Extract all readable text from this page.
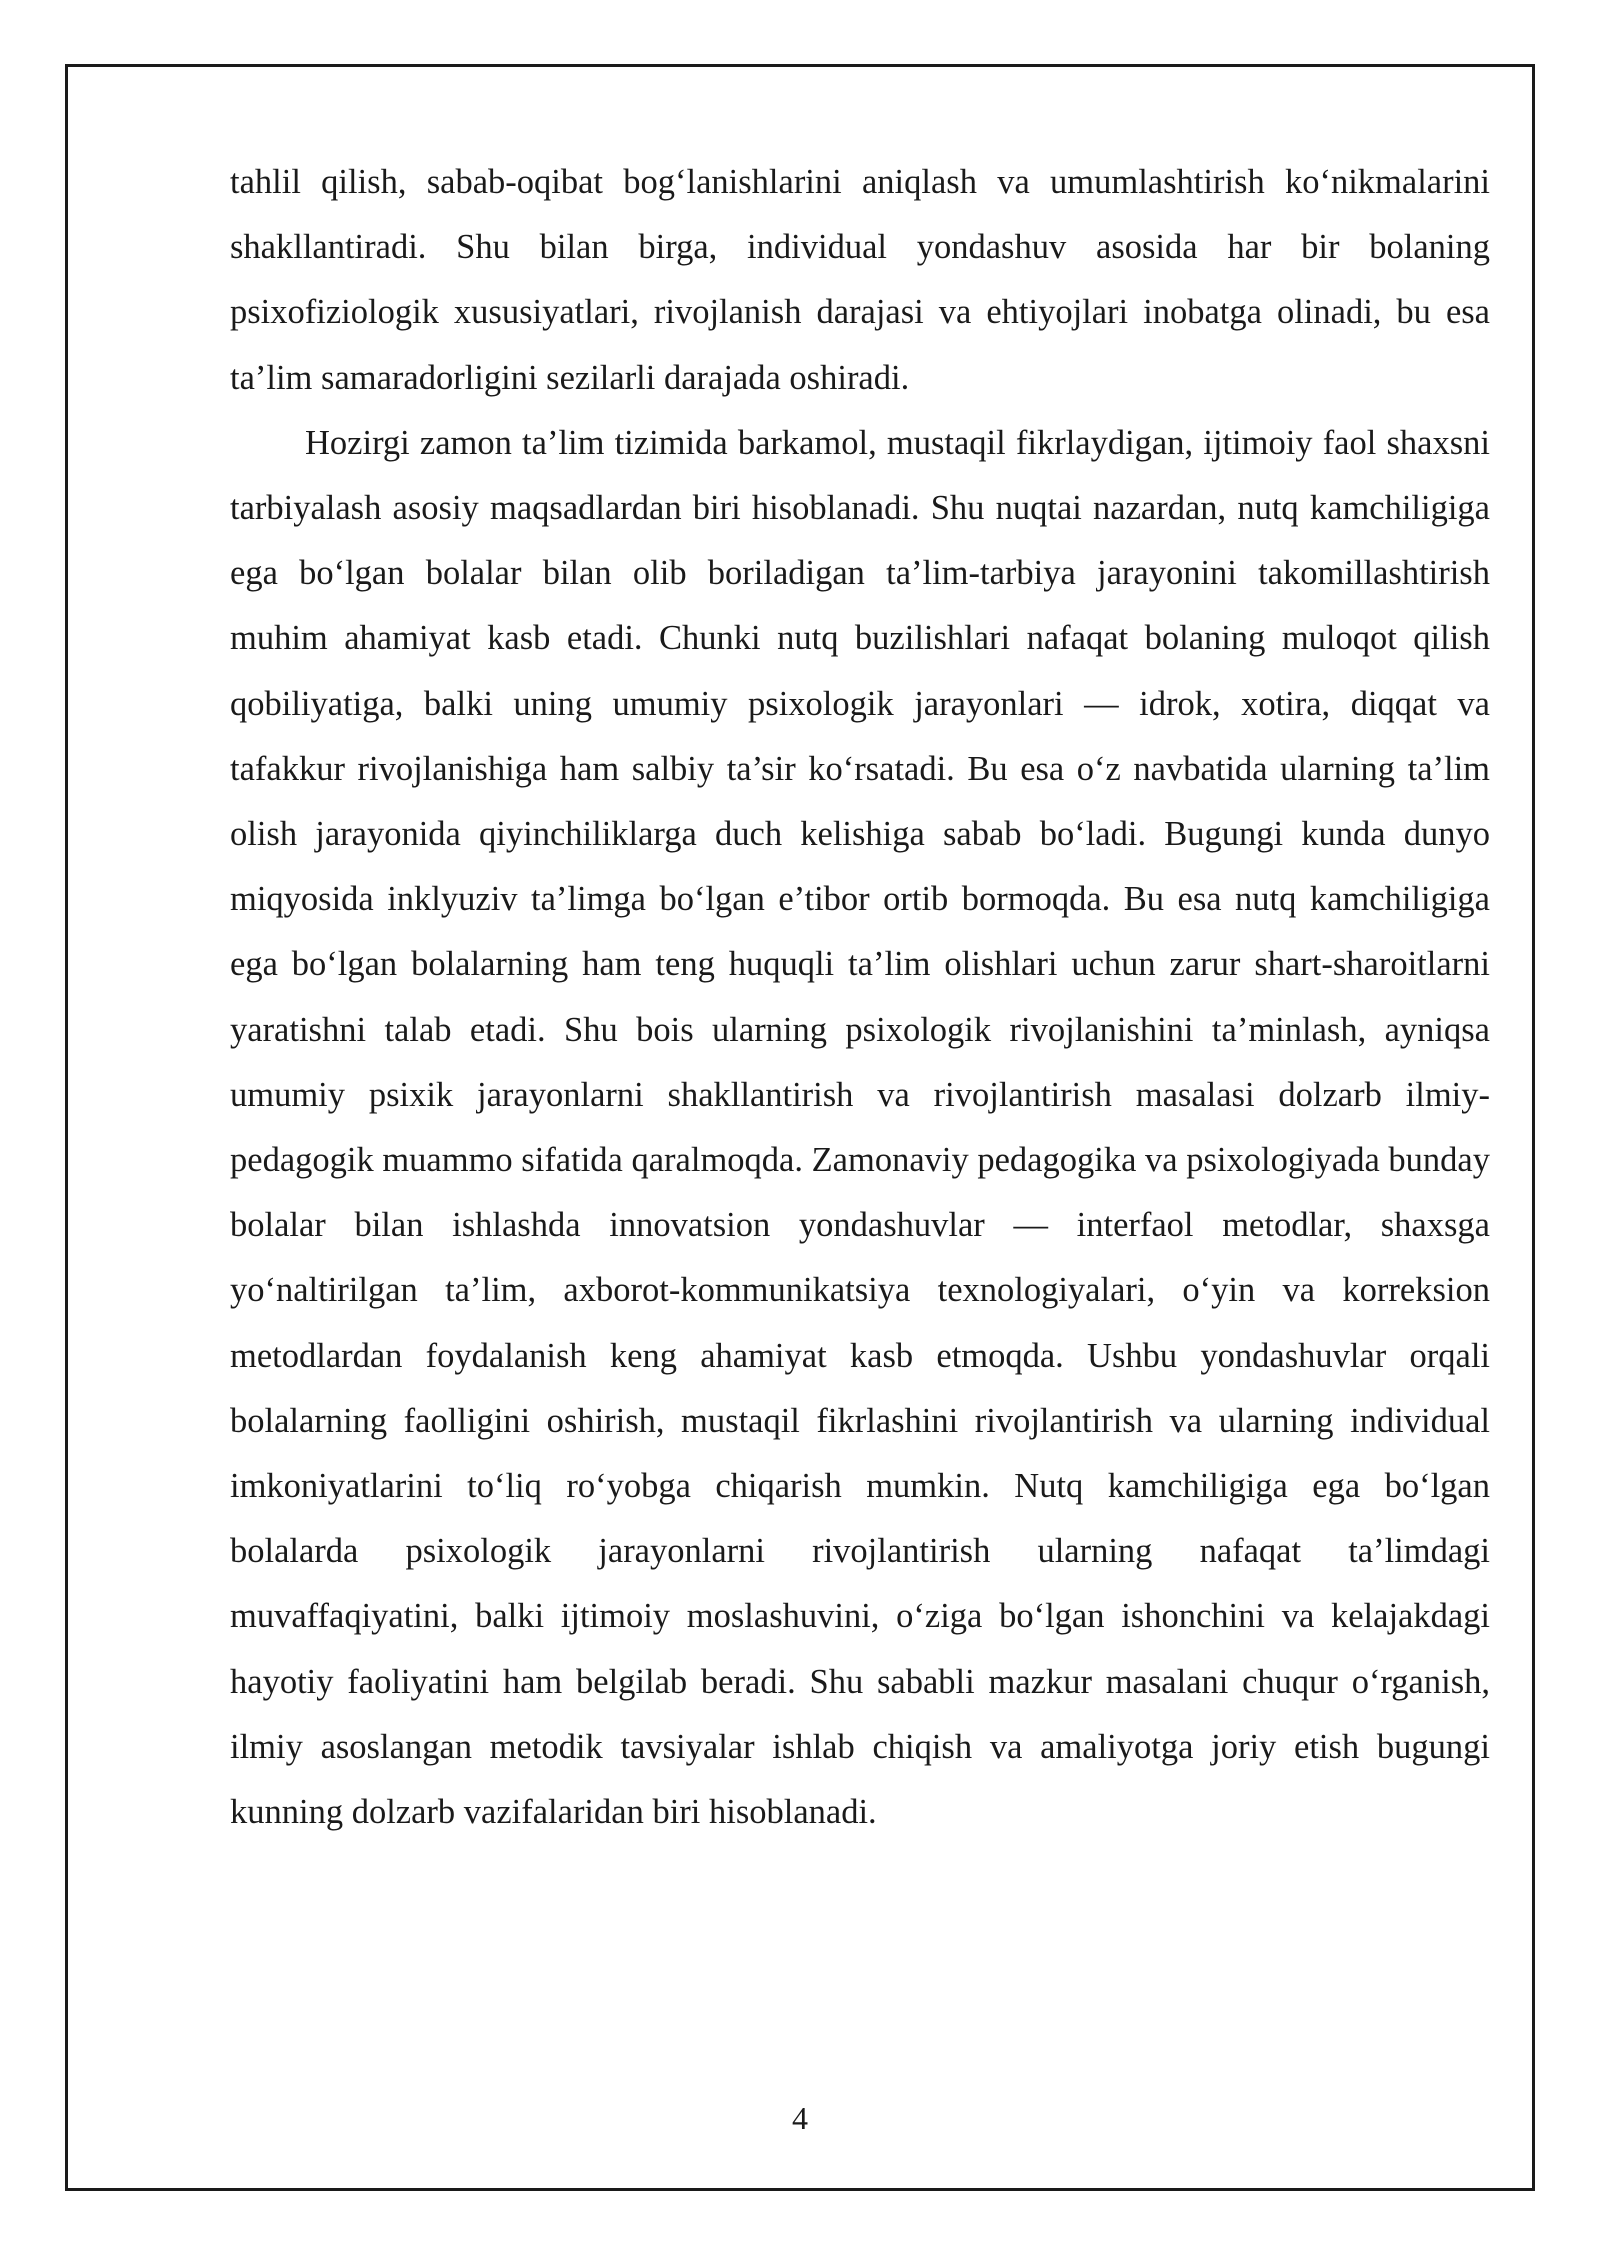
tahlil qilish, sabab-oqibat bog‘lanishlarini aniqlash va umumlashtirish ko‘nikmalarini shakllantiradi. Shu bilan birga, individual yondashuv asosida har bir bolaning psixofiziologik xususiyatlari, rivojlanish darajasi va ehtiyojlari inobatga olinadi, bu esa ta’lim samaradorligini sezilarli darajada oshiradi.

Hozirgi zamon ta’lim tizimida barkamol, mustaqil fikrlaydigan, ijtimoiy faol shaxsni tarbiyalash asosiy maqsadlardan biri hisoblanadi. Shu nuqtai nazardan, nutq kamchiligiga ega bo‘lgan bolalar bilan olib boriladigan ta’lim-tarbiya jarayonini takomillashtirish muhim ahamiyat kasb etadi. Chunki nutq buzilishlari nafaqat bolaning muloqot qilish qobiliyatiga, balki uning umumiy psixologik jarayonlari — idrok, xotira, diqqat va tafakkur rivojlanishiga ham salbiy ta’sir ko‘rsatadi. Bu esa o‘z navbatida ularning ta’lim olish jarayonida qiyinchiliklarga duch kelishiga sabab bo‘ladi. Bugungi kunda dunyo miqyosida inklyuziv ta’limga bo‘lgan e’tibor ortib bormoqda. Bu esa nutq kamchiligiga ega bo‘lgan bolalarning ham teng huquqli ta’lim olishlari uchun zarur shart-sharoitlarni yaratishni talab etadi. Shu bois ularning psixologik rivojlanishini ta’minlash, ayniqsa umumiy psixik jarayonlarni shakllantirish va rivojlantirish masalasi dolzarb ilmiy-pedagogik muammo sifatida qaralmoqda. Zamonaviy pedagogika va psixologiyada bunday bolalar bilan ishlashda innovatsion yondashuvlar — interfaol metodlar, shaxsga yo‘naltirilgan ta’lim, axborot-kommunikatsiya texnologiyalari, o‘yin va korreksion metodlardan foydalanish keng ahamiyat kasb etmoqda. Ushbu yondashuvlar orqali bolalarning faolligini oshirish, mustaqil fikrlashini rivojlantirish va ularning individual imkoniyatlarini to‘liq ro‘yobga chiqarish mumkin. Nutq kamchiligiga ega bo‘lgan bolalarda psixologik jarayonlarni rivojlantirish ularning nafaqat ta’limdagi muvaffaqiyatini, balki ijtimoiy moslashuvini, o‘ziga bo‘lgan ishonchini va kelajakdagi hayotiy faoliyatini ham belgilab beradi. Shu sababli mazkur masalani chuqur o‘rganish, ilmiy asoslangan metodik tavsiyalar ishlab chiqish va amaliyotga joriy etish bugungi kunning dolzarb vazifalaridan biri hisoblanadi.

4
